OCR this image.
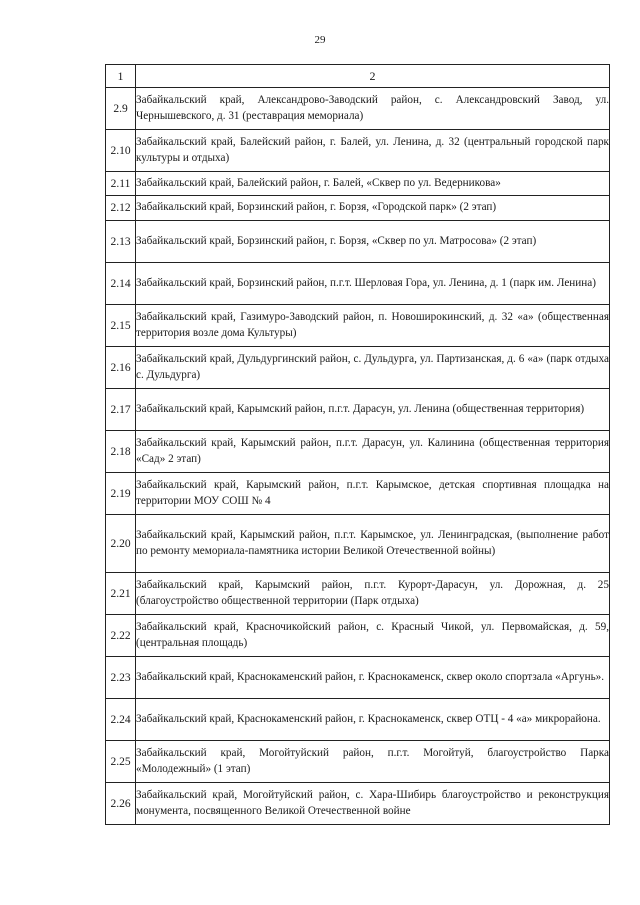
29
1	2
2.9	Забайкальский край, Александрово-Заводский район, с. Александровский Завод, ул. Чернышевского, д. 31 (реставрация мемориала)

2.10	Забайкальский край, Балейский район, г. Балей, ул. Ленина, д. 32 (центральный городской парк культуры и отдыха)

2.11	Забайкальский край, Балейский район, г. Балей, «Сквер по ул. Ведерникова»

2.12	Забайкальский край, Борзинский район, г. Борзя, «Городской парк» (2 этап)

2.13	Забайкальский край, Борзинский район, г. Борзя, «Сквер по ул. Матросова» (2 этап)

2.14	Забайкальский край, Борзинский район, п.г.т. Шерловая Гора, ул. Ленина, д. 1 (парк им. Ленина)

2.15	Забайкальский край, Газимуро-Заводский район, п. Новоширокинский, д. 32 «а» (общественная территория возле дома Культуры)

2.16	Забайкальский край, Дульдургинский район, с. Дульдурга, ул. Партизанская, д. 6 «а» (парк отдыха с. Дульдурга)

2.17	Забайкальский край, Карымский район, п.г.т. Дарасун, ул. Ленина (общественная территория)

2.18	Забайкальский край, Карымский район, п.г.т. Дарасун, ул. Калинина (общественная территория «Сад» 2 этап)

2.19	Забайкальский край, Карымский район, п.г.т. Карымское, детская спортивная площадка на территории МОУ СОШ № 4

2.20	Забайкальский край, Карымский район, п.г.т. Карымское, ул. Ленинградская, (выполнение работ по ремонту мемориала-памятника истории Великой Отечественной войны)

2.21	Забайкальский край, Карымский район, п.г.т. Курорт-Дарасун, ул. Дорожная, д. 25 (благоустройство общественной территории (Парк отдыха)

2.22	Забайкальский край, Красночикойский район, с. Красный Чикой, ул. Первомайская, д. 59, (центральная площадь)

2.23	Забайкальский край, Краснокаменский район, г. Краснокаменск, сквер около спортзала «Аргунь».

2.24	Забайкальский край, Краснокаменский район, г. Краснокаменск, сквер ОТЦ - 4 «а» микрорайона.

2.25	Забайкальский край, Могойтуйский район, п.г.т. Могойтуй, благоустройство Парка «Молодежный» (1 этап)

2.26	Забайкальский край, Могойтуйский район, с. Хара-Шибирь благоустройство и реконструкция монумента, посвященного Великой Отечественной войне
